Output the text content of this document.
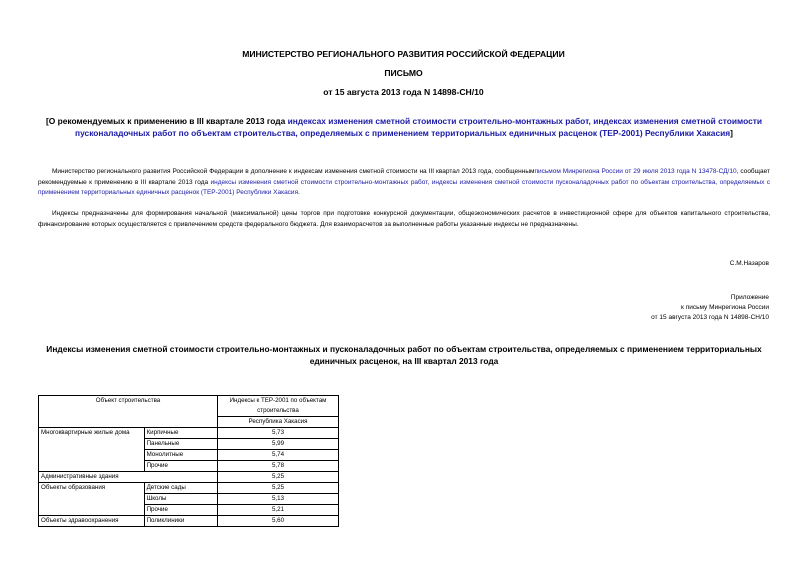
МИНИСТЕРСТВО РЕГИОНАЛЬНОГО РАЗВИТИЯ РОССИЙСКОЙ ФЕДЕРАЦИИ
ПИСЬМО
от 15 августа 2013 года N 14898-СН/10
[О рекомендуемых к применению в III квартале 2013 года индексах изменения сметной стоимости строительно-монтажных работ, индексах изменения сметной стоимости пусконаладочных работ по объектам строительства, определяемых с применением территориальных единичных расценок (ТЕР-2001) Республики Хакасия]
Министерство регионального развития Российской Федерации в дополнение к индексам изменения сметной стоимости на III квартал 2013 года, сообщеннымписьмом Минрегиона России от 29 июля 2013 года N 13478-СД/10, сообщает рекомендуемые к применению в III квартале 2013 года индексы изменения сметной стоимости строительно-монтажных работ, индексы изменения сметной стоимости пусконаладочных работ по объектам строительства, определяемых с применением территориальных единичных расценок (ТЕР-2001) Республики Хакасия.
Индексы предназначены для формирования начальной (максимальной) цены торгов при подготовке конкурсной документации, общеэкономических расчетов в инвестиционной сфере для объектов капитального строительства, финансирование которых осуществляется с привлечением средств федерального бюджета. Для взаиморасчетов за выполненные работы указанные индексы не предназначены.
С.М.Назаров
Приложение
к письму Минрегиона России
от 15 августа 2013 года N 14898-СН/10
Индексы изменения сметной стоимости строительно-монтажных и пусконаладочных работ по объектам строительства, определяемых с применением территориальных единичных расценок, на III квартал 2013 года
Объект строительства		Индексы к ТЕР-2001 по объектам строительства
		Республика Хакасия
Многоквартирные жилые дома	Кирпичные	5,73
	Панельные	5,99
	Монолитные	5,74
	Прочие	5,78
Административные здания		5,25
Объекты образования	Детские сады	5,25
	Школы	5,13
	Прочие	5,21
Объекты здравоохранения	Поликлиники	5,60
